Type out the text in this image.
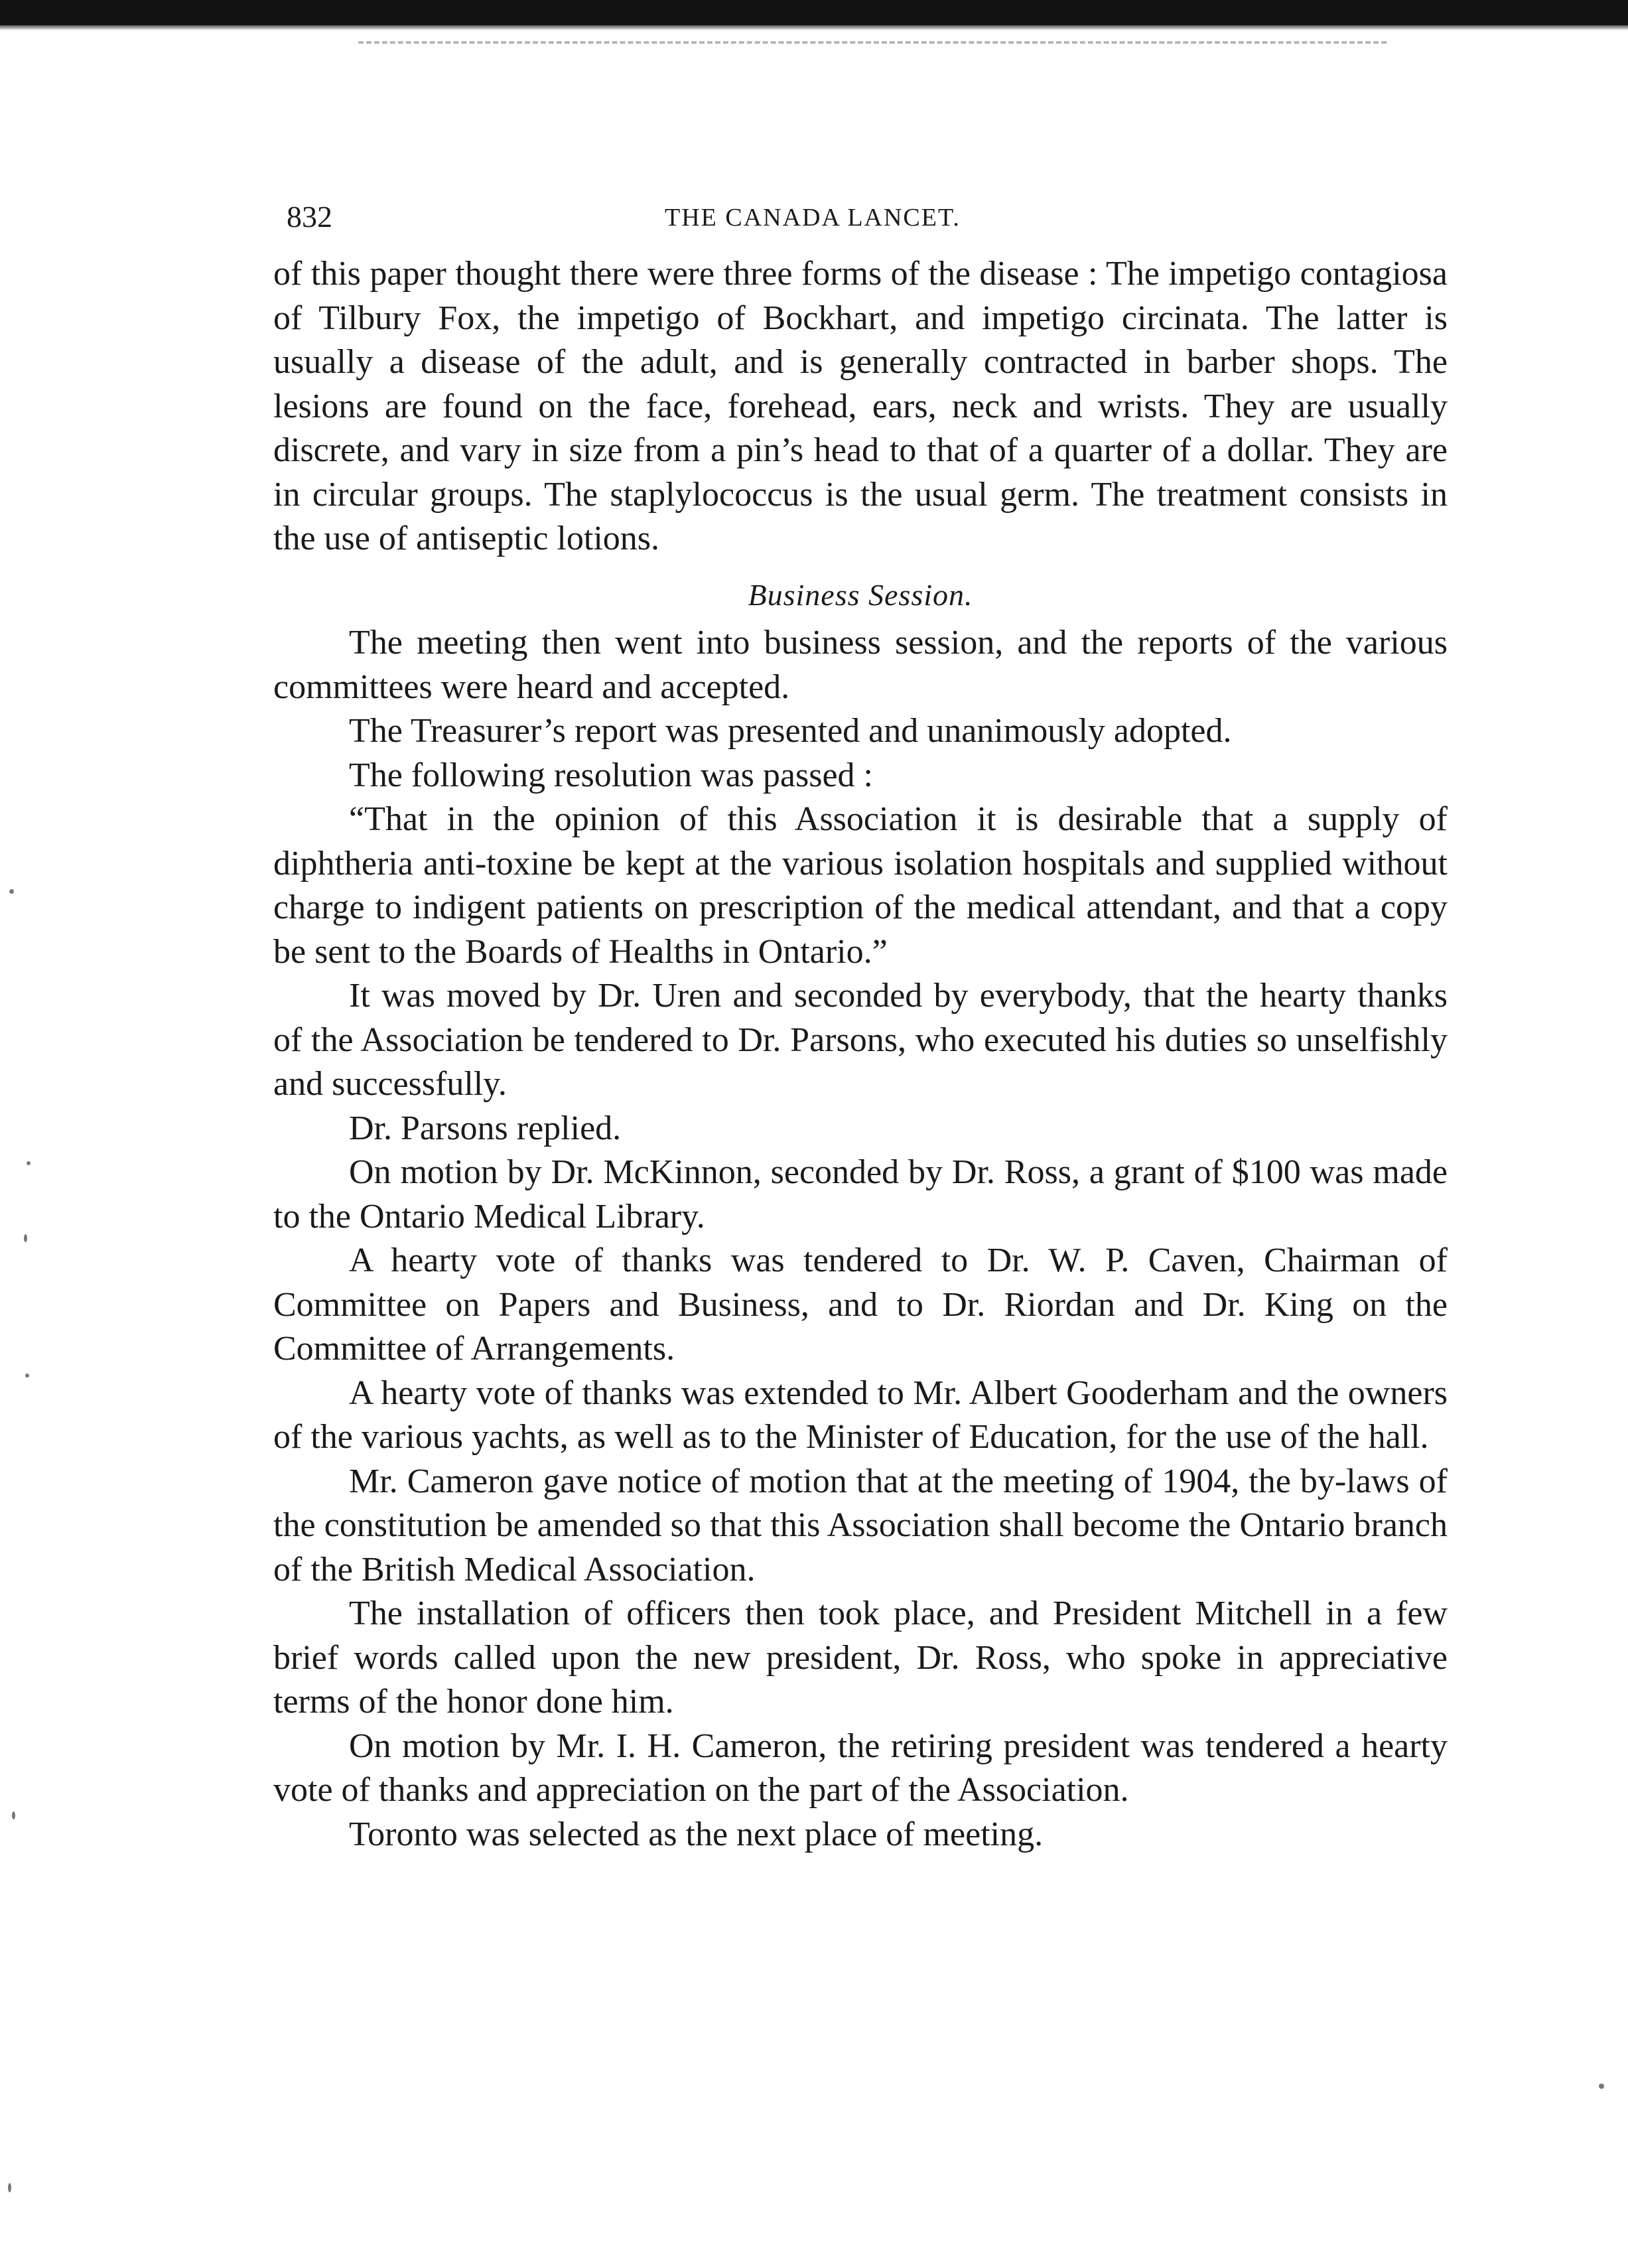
832	THE CANADA LANCET.

of this paper thought there were three forms of the disease : The impetigo contagiosa of Tilbury Fox, the impetigo of Bockhart, and impetigo circinata. The latter is usually a disease of the adult, and is generally contracted in barber shops. The lesions are found on the face, forehead, ears, neck and wrists. They are usually discrete, and vary in size from a pin’s head to that of a quarter of a dollar. They are in circular groups. The staplylococcus is the usual germ. The treatment consists in the use of antiseptic lotions.

Business Session.

The meeting then went into business session, and the reports of the various committees were heard and accepted.

The Treasurer’s report was presented and unanimously adopted.

The following resolution was passed :

“That in the opinion of this Association it is desirable that a supply of diphtheria anti-toxine be kept at the various isolation hospitals and supplied without charge to indigent patients on prescription of the medical attendant, and that a copy be sent to the Boards of Healths in Ontario.”

It was moved by Dr. Uren and seconded by everybody, that the hearty thanks of the Association be tendered to Dr. Parsons, who executed his duties so unselfishly and successfully.

Dr. Parsons replied.

On motion by Dr. McKinnon, seconded by Dr. Ross, a grant of $100 was made to the Ontario Medical Library.

A hearty vote of thanks was tendered to Dr. W. P. Caven, Chairman of Committee on Papers and Business, and to Dr. Riordan and Dr. King on the Committee of Arrangements.

A hearty vote of thanks was extended to Mr. Albert Gooderham and the owners of the various yachts, as well as to the Minister of Education, for the use of the hall.

Mr. Cameron gave notice of motion that at the meeting of 1904, the by-laws of the constitution be amended so that this Association shall become the Ontario branch of the British Medical Association.

The installation of officers then took place, and President Mitchell in a few brief words called upon the new president, Dr. Ross, who spoke in appreciative terms of the honor done him.

On motion by Mr. I. H. Cameron, the retiring president was tendered a hearty vote of thanks and appreciation on the part of the Association.

Toronto was selected as the next place of meeting.
